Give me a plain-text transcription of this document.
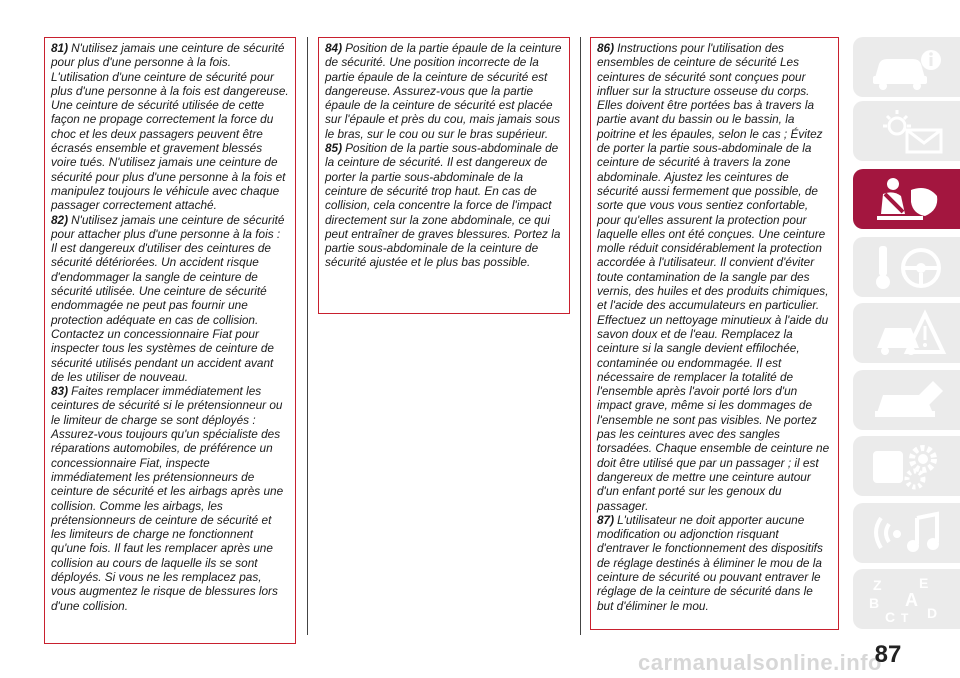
81) N'utilisez jamais une ceinture de sécurité pour plus d'une personne à la fois. L'utilisation d'une ceinture de sécurité pour plus d'une personne à la fois est dangereuse. Une ceinture de sécurité utilisée de cette façon ne propage correctement la force du choc et les deux passagers peuvent être écrasés ensemble et gravement blessés voire tués. N'utilisez jamais une ceinture de sécurité pour plus d'une personne à la fois et manipulez toujours le véhicule avec chaque passager correctement attaché.

82) N'utilisez jamais une ceinture de sécurité pour attacher plus d'une personne à la fois : Il est dangereux d'utiliser des ceintures de sécurité détériorées. Un accident risque d'endommager la sangle de ceinture de sécurité utilisée. Une ceinture de sécurité endommagée ne peut pas fournir une protection adéquate en cas de collision. Contactez un concessionnaire Fiat pour inspecter tous les systèmes de ceinture de sécurité utilisés pendant un accident avant de les utiliser de nouveau.

83) Faites remplacer immédiatement les ceintures de sécurité si le prétensionneur ou le limiteur de charge se sont déployés : Assurez-vous toujours qu'un spécialiste des réparations automobiles, de préférence un concessionnaire Fiat, inspecte immédiatement les prétensionneurs de ceinture de sécurité et les airbags après une collision. Comme les airbags, les prétensionneurs de ceinture de sécurité et les limiteurs de charge ne fonctionnent qu'une fois. Il faut les remplacer après une collision au cours de laquelle ils se sont déployés. Si vous ne les remplacez pas, vous augmentez le risque de blessures lors d'une collision.

84) Position de la partie épaule de la ceinture de sécurité. Une position incorrecte de la partie épaule de la ceinture de sécurité est dangereuse. Assurez-vous que la partie épaule de la ceinture de sécurité est placée sur l'épaule et près du cou, mais jamais sous le bras, sur le cou ou sur le bras supérieur.

85) Position de la partie sous-abdominale de la ceinture de sécurité. Il est dangereux de porter la partie sous-abdominale de la ceinture de sécurité trop haut. En cas de collision, cela concentre la force de l'impact directement sur la zone abdominale, ce qui peut entraîner de graves blessures. Portez la partie sous-abdominale de la ceinture de sécurité ajustée et le plus bas possible.

86) Instructions pour l'utilisation des ensembles de ceinture de sécurité Les ceintures de sécurité sont conçues pour influer sur la structure osseuse du corps. Elles doivent être portées bas à travers la partie avant du bassin ou le bassin, la poitrine et les épaules, selon le cas ; Évitez de porter la partie sous-abdominale de la ceinture de sécurité à travers la zone abdominale. Ajustez les ceintures de sécurité aussi fermement que possible, de sorte que vous vous sentiez confortable, pour qu'elles assurent la protection pour laquelle elles ont été conçues. Une ceinture molle réduit considérablement la protection accordée à l'utilisateur. Il convient d'éviter toute contamination de la sangle par des vernis, des huiles et des produits chimiques, et l'acide des accumulateurs en particulier. Effectuez un nettoyage minutieux à l'aide du savon doux et de l'eau. Remplacez la ceinture si la sangle devient effilochée, contaminée ou endommagée. Il est nécessaire de remplacer la totalité de l'ensemble après l'avoir porté lors d'un impact grave, même si les dommages de l'ensemble ne sont pas visibles. Ne portez pas les ceintures avec des sangles torsadées. Chaque ensemble de ceinture ne doit être utilisé que par un passager ; il est dangereux de mettre une ceinture autour d'un enfant porté sur les genoux du passager.

87) L'utilisateur ne doit apporter aucune modification ou adjonction risquant d'entraver le fonctionnement des dispositifs de réglage destinés à éliminer le mou de la ceinture de sécurité ou pouvant entraver le réglage de la ceinture de sécurité dans le but d'éliminer le mou.

Z	E
B A
C T D
carmanualsonline.info
87
